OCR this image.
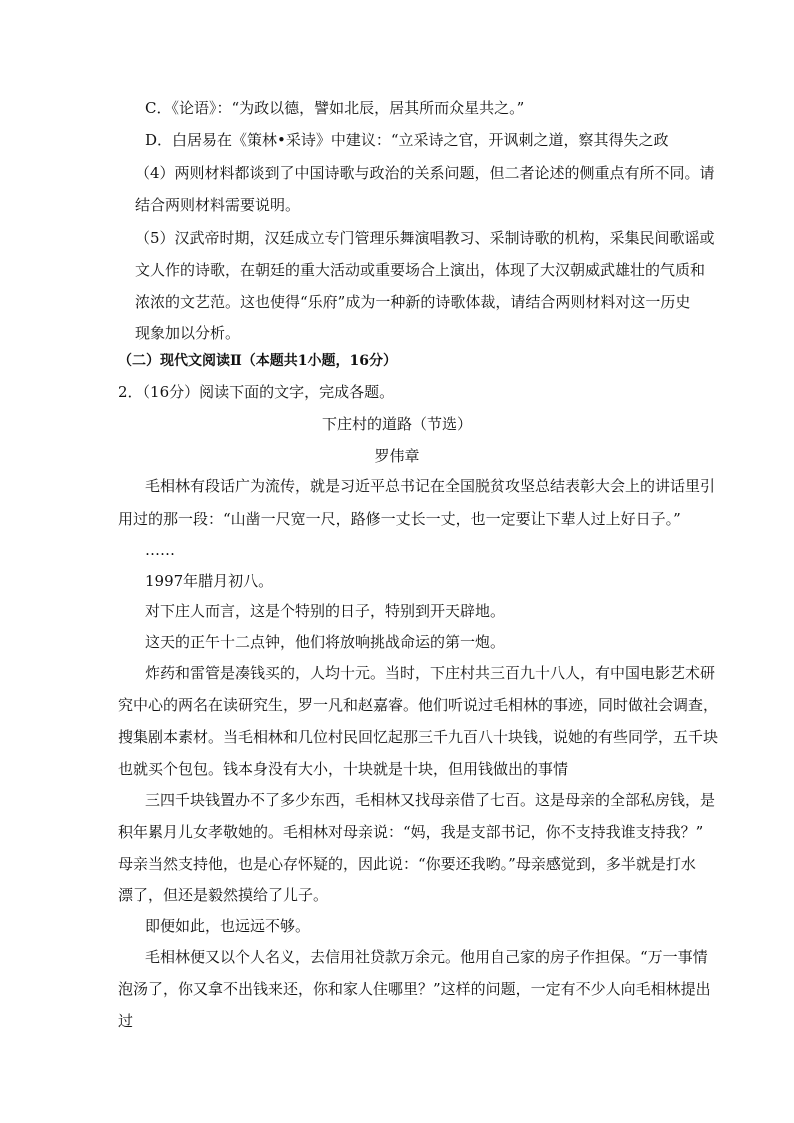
C．《论语》：“为政以德，譬如北辰，居其所而众星共之。”
D．白居易在《策林•采诗》中建议：“立采诗之官，开讽刺之道，察其得失之政
（4）两则材料都谈到了中国诗歌与政治的关系问题，但二者论述的侧重点有所不同。请
结合两则材料需要说明。
（5）汉武帝时期，汉廷成立专门管理乐舞演唱教习、采制诗歌的机构，采集民间歌谣或
文人作的诗歌，在朝廷的重大活动或重要场合上演出，体现了大汉朝威武雄壮的气质和
浓浓的文艺范。这也使得“乐府”成为一种新的诗歌体裁，请结合两则材料对这一历史
现象加以分析。
（二）现代文阅读Ⅱ（本题共1小题，16分）
2．（16分）阅读下面的文字，完成各题。
下庄村的道路（节选）
罗伟章
毛相林有段话广为流传，就是习近平总书记在全国脱贫攻坚总结表彰大会上的讲话里引
用过的那一段：“山凿一尺宽一尺，路修一丈长一丈，也一定要让下辈人过上好日子。”
……
1997年腊月初八。
对下庄人而言，这是个特别的日子，特别到开天辟地。
这天的正午十二点钟，他们将放响挑战命运的第一炮。
炸药和雷管是凑钱买的，人均十元。当时，下庄村共三百九十八人，有中国电影艺术研
究中心的两名在读研究生，罗一凡和赵嘉睿。他们听说过毛相林的事迹，同时做社会调查，
搜集剧本素材。当毛相林和几位村民回忆起那三千九百八十块钱，说她的有些同学，五千块
也就买个包包。钱本身没有大小，十块就是十块，但用钱做出的事情
三四千块钱置办不了多少东西，毛相林又找母亲借了七百。这是母亲的全部私房钱，是
积年累月儿女孝敬她的。毛相林对母亲说：“妈，我是支部书记，你不支持我谁支持我？”
母亲当然支持他，也是心存怀疑的，因此说：“你要还我哟。”母亲感觉到，多半就是打水
漂了，但还是毅然摸给了儿子。
即便如此，也远远不够。
毛相林便又以个人名义，去信用社贷款万余元。他用自己家的房子作担保。“万一事情
泡汤了，你又拿不出钱来还，你和家人住哪里？”这样的问题，一定有不少人向毛相林提出
过
